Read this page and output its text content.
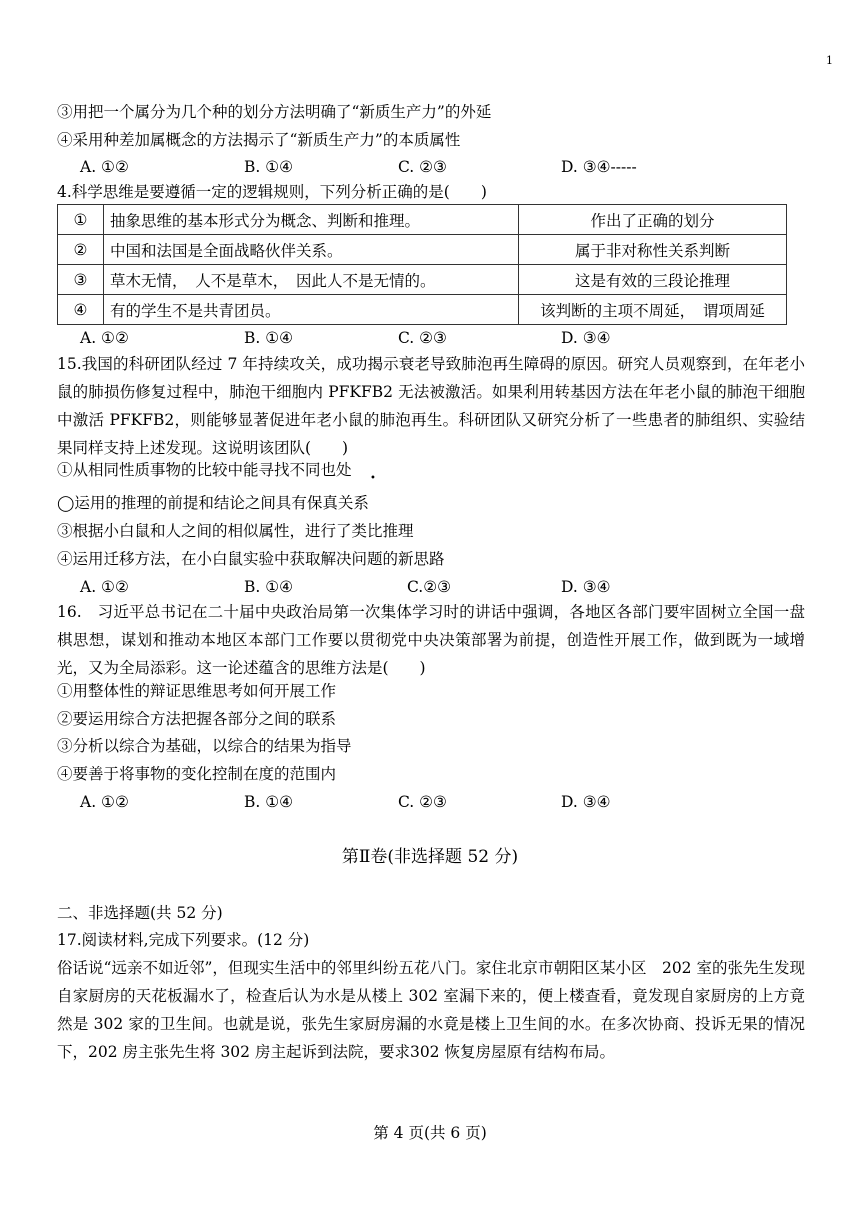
1
③用把一个属分为几个种的划分方法明确了“新质生产力”的外延
④采用种差加属概念的方法揭示了“新质生产力”的本质属性
A. ①②	B. ①④	C. ②③	D. ③④-----
4.科学思维是要遵循一定的逻辑规则，下列分析正确的是(　　)
①	抽象思维的基本形式分为概念、判断和推理。	作出了正确的划分
②	中国和法国是全面战略伙伴关系。	属于非对称性关系判断
③	草木无情，　人不是草木，　因此人不是无情的。	这是有效的三段论推理
④	有的学生不是共青团员。	该判断的主项不周延，　谓项周延
A. ①②	B. ①④	C. ②③	D. ③④
15.我国的科研团队经过 7 年持续攻关，成功揭示衰老导致肺泡再生障碍的原因。研究人员观察到，在年老小鼠的肺损伤修复过程中，肺泡干细胞内 PFKFB2 无法被激活。如果利用转基因方法在年老小鼠的肺泡干细胞中激活 PFKFB2，则能够显著促进年老小鼠的肺泡再生。科研团队又研究分析了一些患者的肺组织、实验结果同样支持上述发现。这说明该团队(　　)
①从相同性质事物的比较中能寻找不同也处 •
◯运用的推理的前提和结论之间具有保真关系
③根据小白鼠和人之间的相似属性，进行了类比推理
④运用迁移方法，在小白鼠实验中获取解决问题的新思路
A. ①②	B. ①④	C.②③	D. ③④
16.　习近平总书记在二十届中央政治局第一次集体学习时的讲话中强调，各地区各部门要牢固树立全国一盘棋思想，谋划和推动本地区本部门工作要以贯彻党中央决策部署为前提，创造性开展工作，做到既为一域增光，又为全局添彩。这一论述蕴含的思维方法是(　　)
①用整体性的辩证思维思考如何开展工作
②要运用综合方法把握各部分之间的联系
③分析以综合为基础，以综合的结果为指导
④要善于将事物的变化控制在度的范围内
A. ①②	B. ①④	C. ②③	D. ③④
第Ⅱ卷(非选择题 52 分)
二、非选择题(共 52 分)
17.阅读材料,完成下列要求。(12 分)
俗话说“远亲不如近邻”，但现实生活中的邻里纠纷五花八门。家住北京市朝阳区某小区　202 室的张先生发现自家厨房的天花板漏水了，检查后认为水是从楼上 302 室漏下来的，便上楼查看，竟发现自家厨房的上方竟然是 302 家的卫生间。也就是说，张先生家厨房漏的水竟是楼上卫生间的水。在多次协商、投诉无果的情况下，202 房主张先生将 302 房主起诉到法院，要求302 恢复房屋原有结构布局。
第 4 页(共 6 页)
